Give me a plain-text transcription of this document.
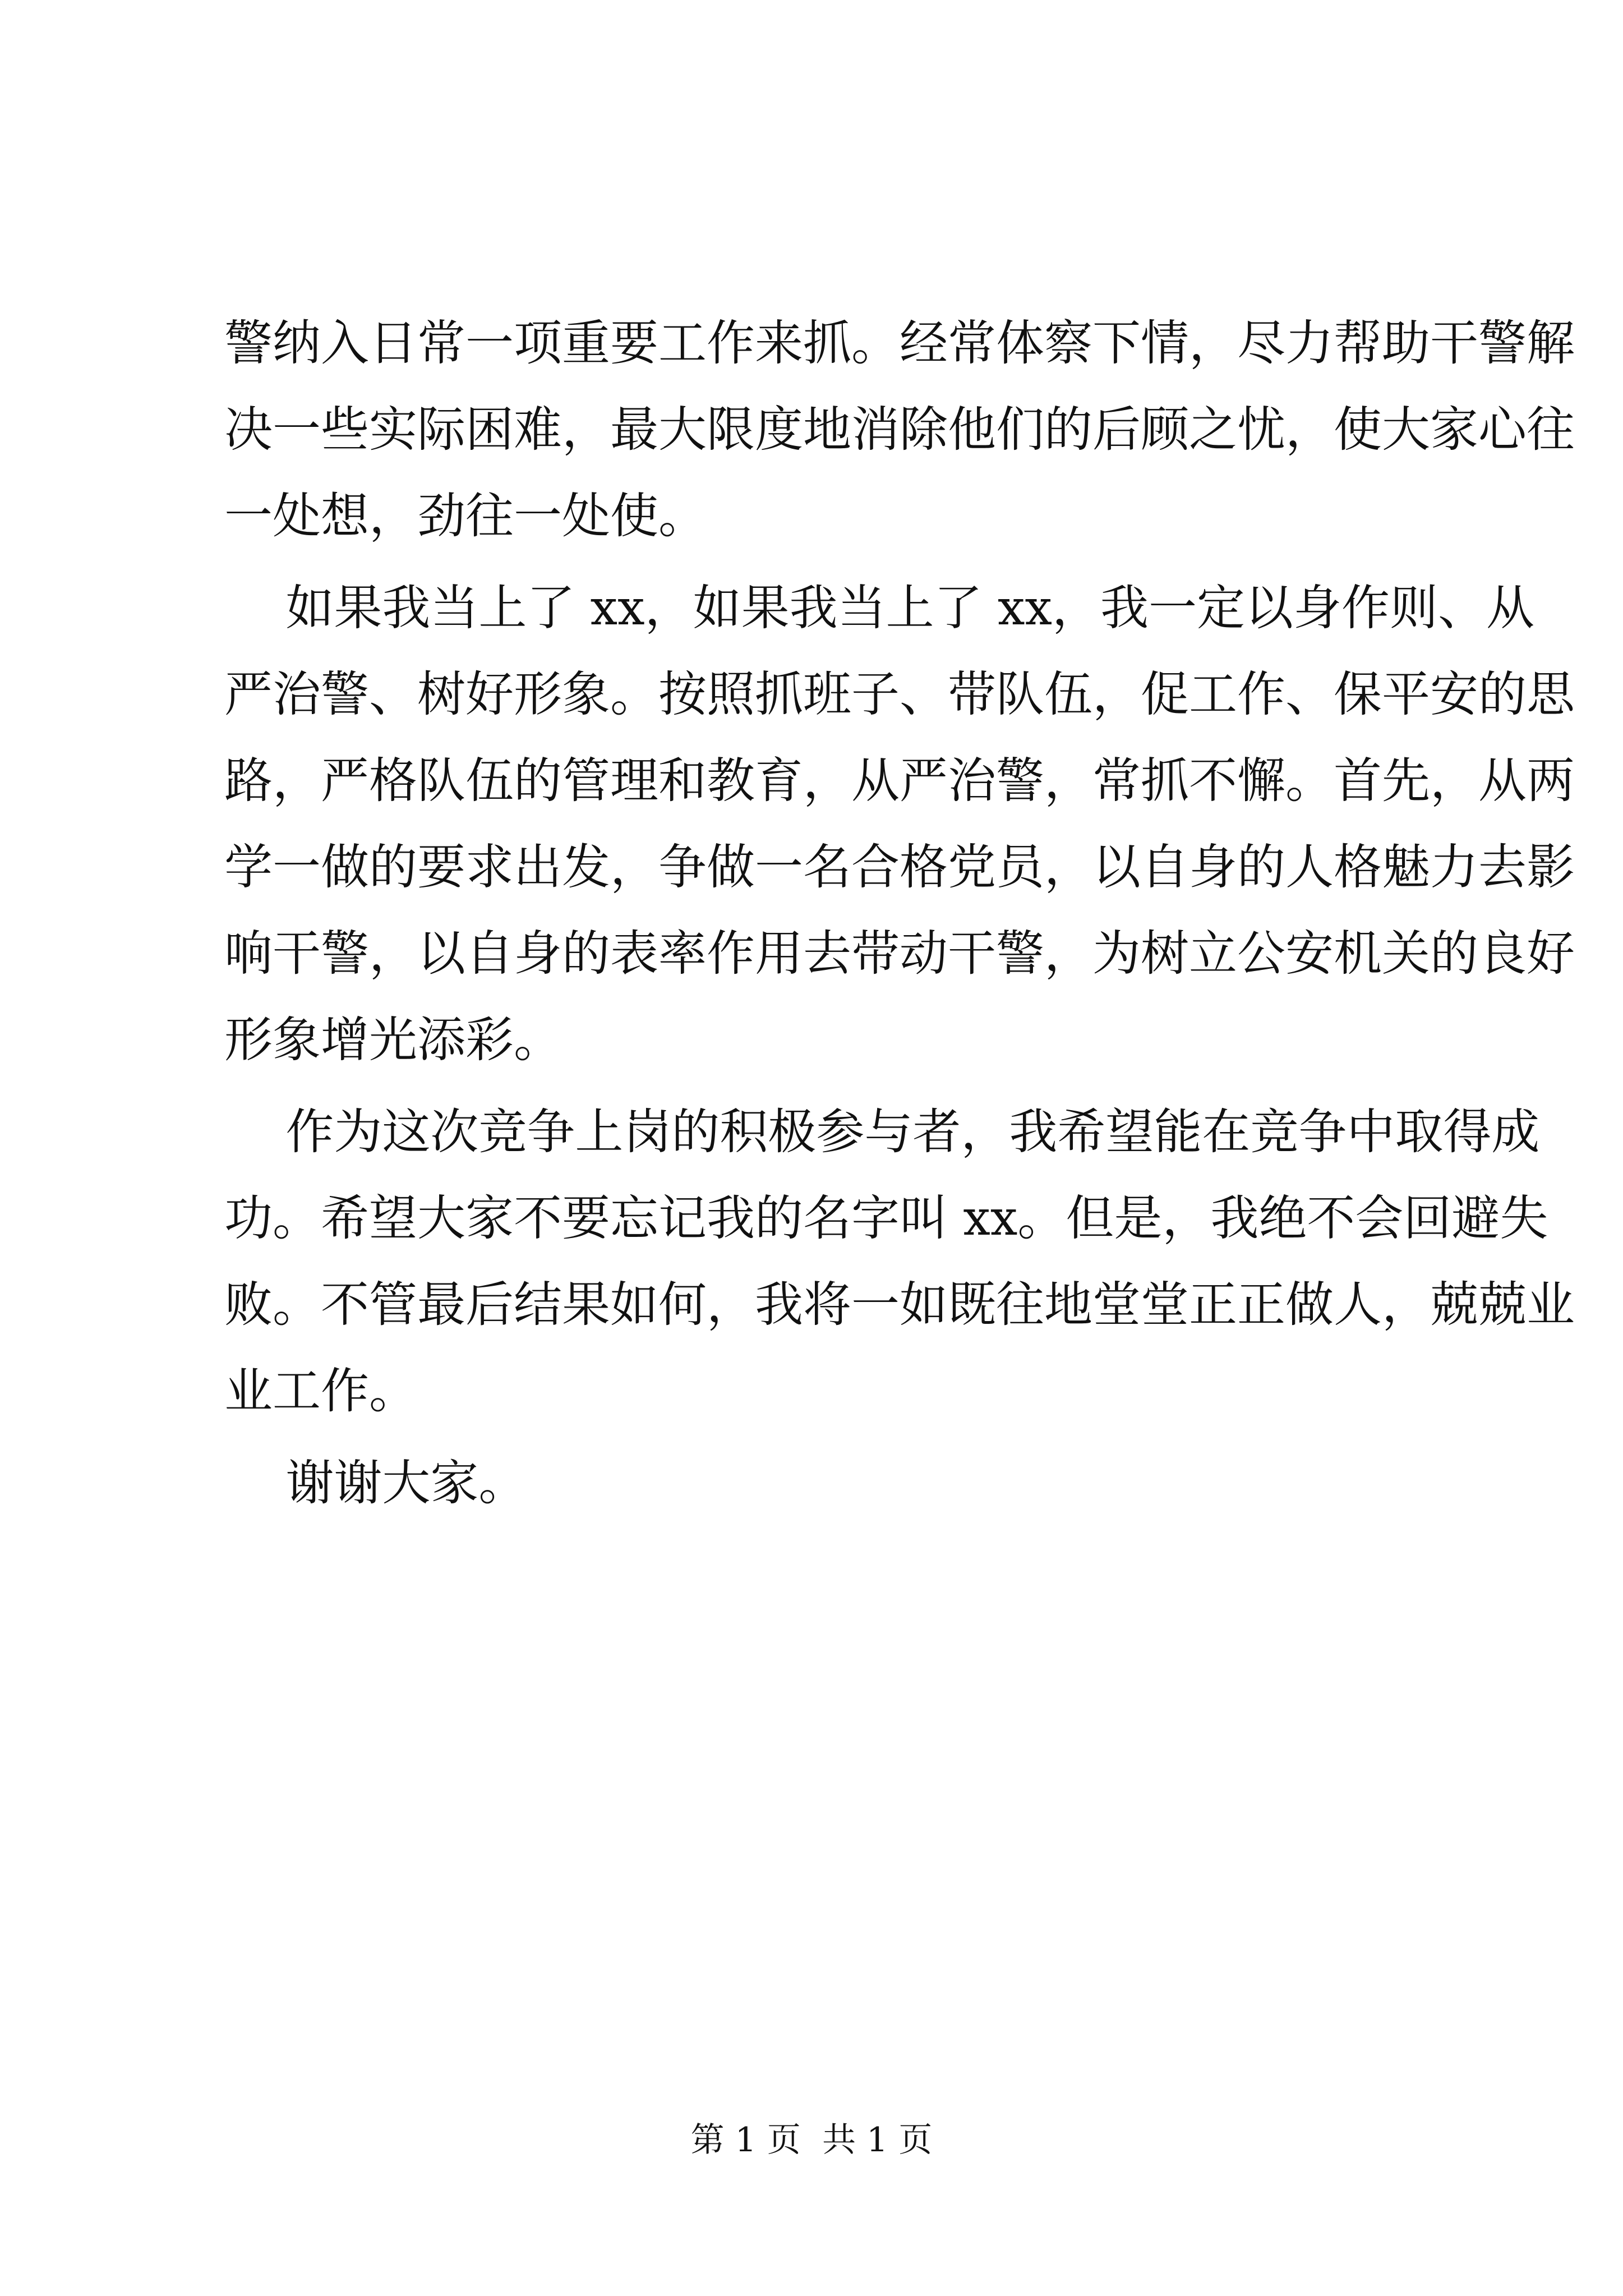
警纳入日常一项重要工作来抓。经常体察下情，尽力帮助干警解
决一些实际困难，最大限度地消除他们的后顾之忧，使大家心往
一处想，劲往一处使。
如果我当上了 xx，如果我当上了 xx，我一定以身作则、从
严治警、树好形象。按照抓班子、带队伍，促工作、保平安的思
路，严格队伍的管理和教育，从严治警，常抓不懈。首先，从两
学一做的要求出发，争做一名合格党员，以自身的人格魅力去影
响干警，以自身的表率作用去带动干警，为树立公安机关的良好
形象增光添彩。
作为这次竞争上岗的积极参与者，我希望能在竞争中取得成
功。希望大家不要忘记我的名字叫 xx。但是，我绝不会回避失
败。不管最后结果如何，我将一如既往地堂堂正正做人，兢兢业
业工作。
谢谢大家。
第 1 页  共 1 页
